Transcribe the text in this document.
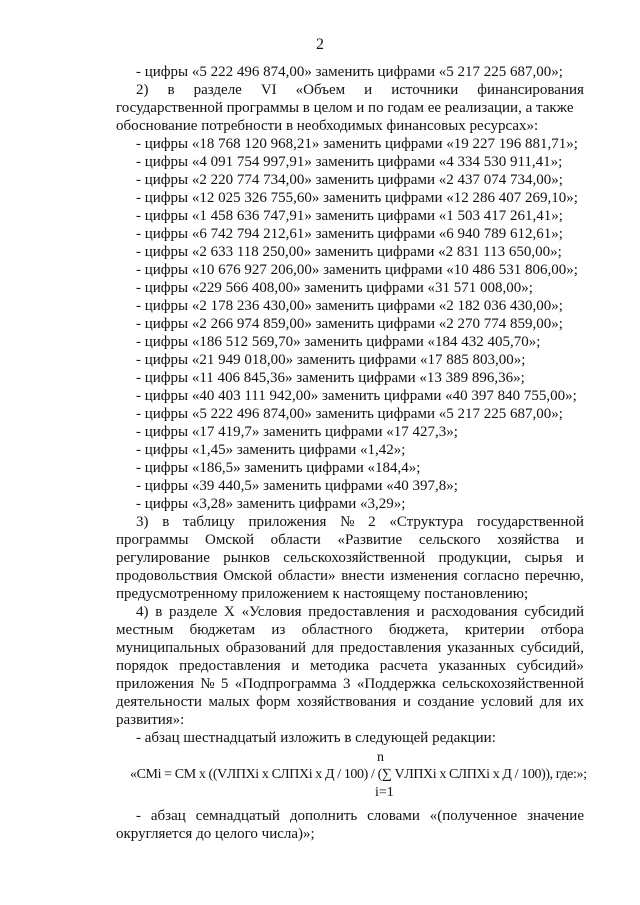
2
- цифры «5 222 496 874,00» заменить цифрами «5 217 225 687,00»;
2) в разделе VI «Объем и источники финансирования
государственной программы в целом и по годам ее реализации, а также
обоснование потребности в необходимых финансовых ресурсах»:
- цифры «18 768 120 968,21» заменить цифрами «19 227 196 881,71»;
- цифры «4 091 754 997,91» заменить цифрами «4 334 530 911,41»;
- цифры «2 220 774 734,00» заменить цифрами «2 437 074 734,00»;
- цифры «12 025 326 755,60» заменить цифрами «12 286 407 269,10»;
- цифры «1 458 636 747,91» заменить цифрами «1 503 417 261,41»;
- цифры «6 742 794 212,61» заменить цифрами «6 940 789 612,61»;
- цифры «2 633 118 250,00» заменить цифрами «2 831 113 650,00»;
- цифры «10 676 927 206,00» заменить цифрами «10 486 531 806,00»;
- цифры «229 566 408,00» заменить цифрами «31 571 008,00»;
- цифры «2 178 236 430,00» заменить цифрами «2 182 036 430,00»;
- цифры «2 266 974 859,00» заменить цифрами «2 270 774 859,00»;
- цифры «186 512 569,70» заменить цифрами «184 432 405,70»;
- цифры «21 949 018,00» заменить цифрами «17 885 803,00»;
- цифры «11 406 845,36» заменить цифрами «13 389 896,36»;
- цифры «40 403 111 942,00» заменить цифрами «40 397 840 755,00»;
- цифры «5 222 496 874,00» заменить цифрами «5 217 225 687,00»;
- цифры «17 419,7» заменить цифрами «17 427,3»;
- цифры «1,45» заменить цифрами «1,42»;
- цифры «186,5» заменить цифрами «184,4»;
- цифры «39 440,5» заменить цифрами «40 397,8»;
- цифры «3,28» заменить цифрами «3,29»;
3) в таблицу приложения № 2 «Структура государственной
программы Омской области «Развитие сельского хозяйства и
регулирование рынков сельскохозяйственной продукции, сырья и
продовольствия Омской области» внести изменения согласно перечню,
предусмотренному приложением к настоящему постановлению;
4) в разделе X «Условия предоставления и расходования субсидий
местным бюджетам из областного бюджета, критерии отбора
муниципальных образований для предоставления указанных субсидий,
порядок предоставления и методика расчета указанных субсидий»
приложения № 5 «Подпрограмма 3 «Поддержка сельскохозяйственной
деятельности малых форм хозяйствования и создание условий для их
развития»:
- абзац шестнадцатый изложить в следующей редакции:
n
«СМi = СМ х ((VЛПХi х СЛПХi х Д / 100) / (∑ VЛПХi х СЛПХi х Д / 100)), где:»;
i=1
- абзац семнадцатый дополнить словами «(полученное значение
округляется до целого числа)»;
